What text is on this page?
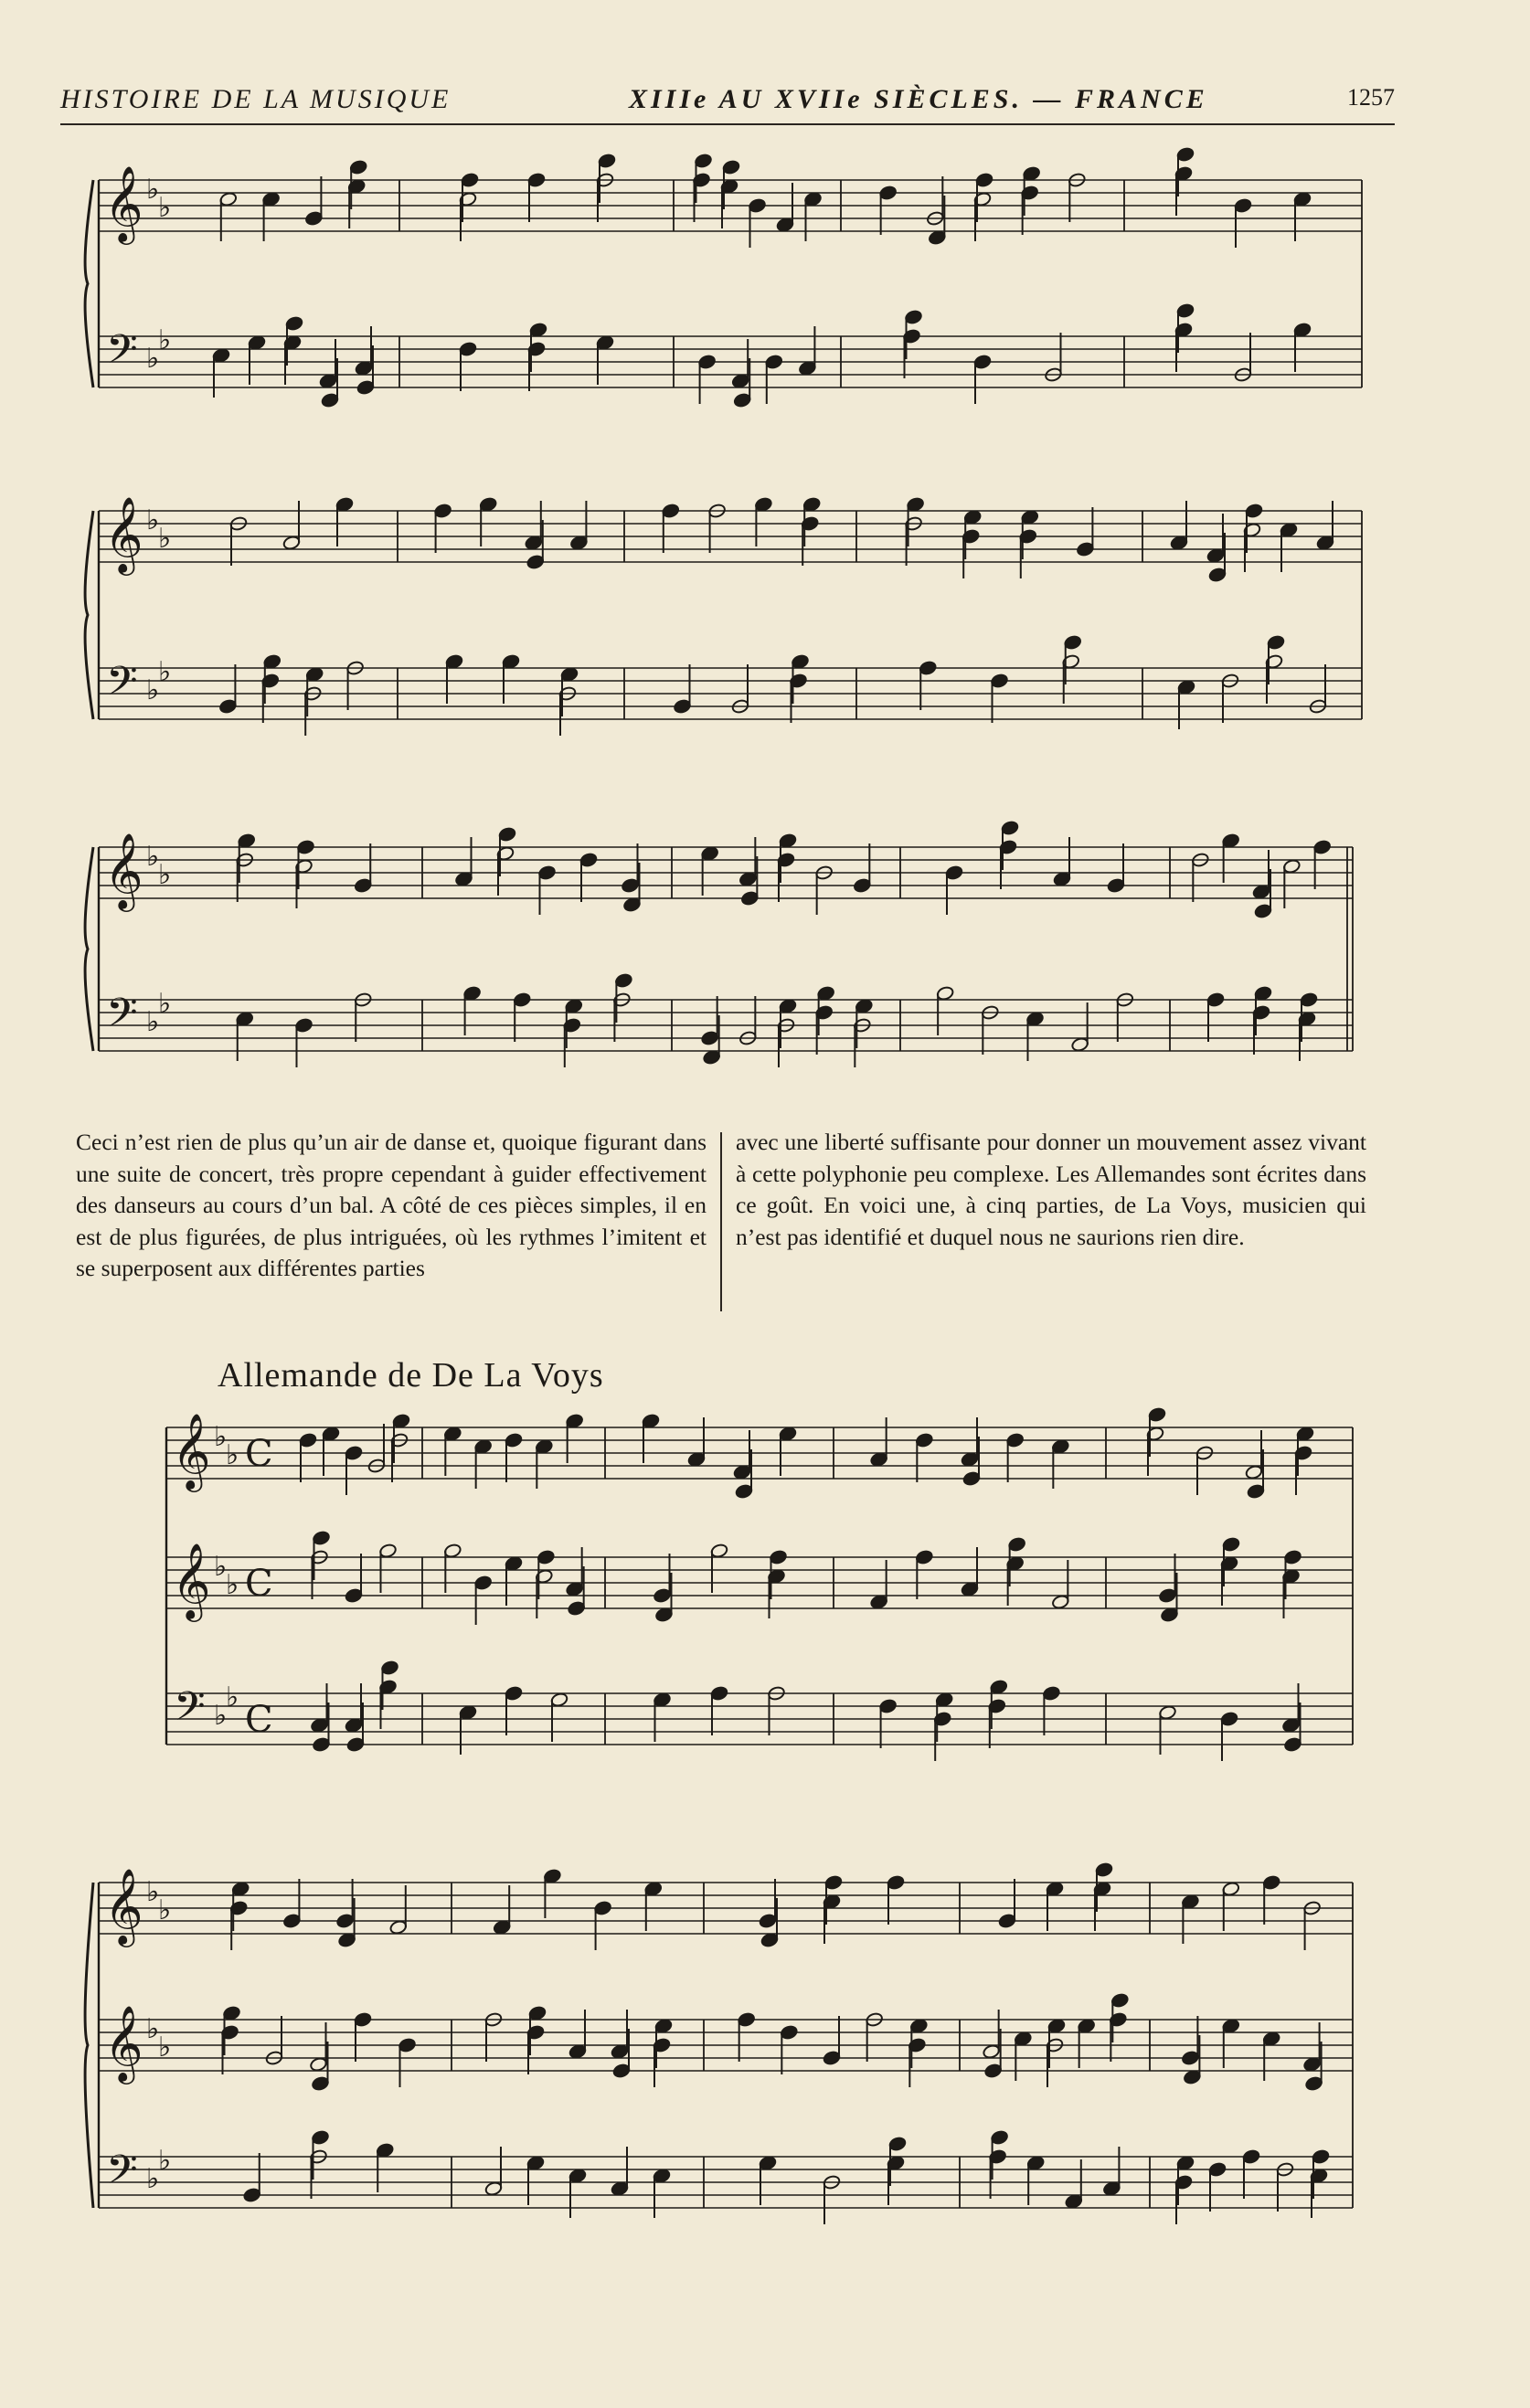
HISTOIRE DE LA MUSIQUE	XIIIe AU XVIIe SIÈCLES. — FRANCE	1257
𝄞 ♭
♭
𝄢 ♭
♭
𝄞 ♭
♭
𝄢 ♭
♭
𝄞 ♭
♭
𝄢 ♭
♭
𝄞 ♭
♭ C
𝄞 ♭
♭ C
𝄢 ♭
♭
C
𝄞 ♭
♭
𝄞 ♭
♭
𝄢 ♭
♭
Ceci n’est rien de plus qu’un air de danse et, quoique figurant dans une suite de concert, très propre cependant à guider effectivement des danseurs au cours d’un bal. A côté de ces pièces simples, il en est de plus figurées, de plus intriguées, où les rythmes l’imitent et se superposent aux différentes parties
avec une liberté suffisante pour donner un mouvement assez vivant à cette polyphonie peu complexe. Les Allemandes sont écrites dans ce goût. En voici une, à cinq parties, de La Voys, musicien qui n’est pas identifié et duquel nous ne saurions rien dire.
Allemande de De La Voys
